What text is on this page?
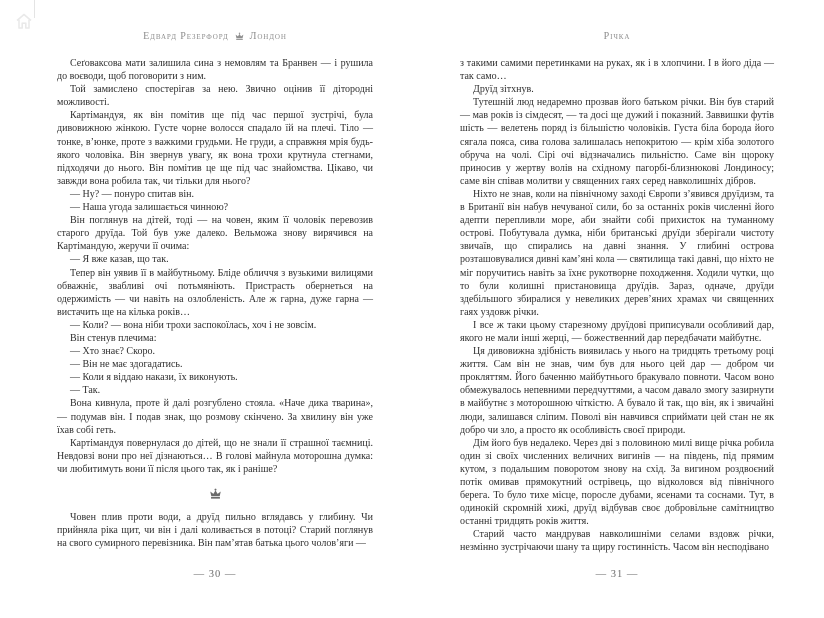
Едвард Резерфорд Лондон

Сеґоваксова мати залишила сина з немовлям та Бранвен — і рушила до воєводи, щоб поговорити з ним.

Той замислено спостерігав за нею. Звично оцінив її дітородні можливості.

Картімандуя, як він помітив ще під час першої зустрічі, була дивовижною жінкою. Густе чорне волосся спадало їй на плечі. Тіло — тонке, в’юнке, проте з важкими грудьми. Не груди, а справжня мрія будь-якого чоловіка. Він звернув увагу, як вона трохи крутнула стегнами, підходячи до нього. Він помітив це ще під час знайомства. Цікаво, чи завжди вона робила так, чи тільки для нього?

— Ну? — понуро спитав він.

— Наша угода залишається чинною?

Він поглянув на дітей, тоді — на човен, яким її чоловік перевозив старого друїда. Той був уже далеко. Вельможа знову вирячився на Картімандую, жеручи її очима:

— Я вже казав, що так.

Тепер він уявив її в майбутньому. Бліде обличчя з вузькими вилицями обважніє, звабливі очі потьмяніють. Пристрасть обернеться на одержимість — чи навіть на озлобленість. Але ж гарна, дуже гарна — вистачить ще на кілька років…

— Коли? — вона ніби трохи заспокоїлась, хоч і не зовсім.

Він стенув плечима:

— Хто знає? Скоро.

— Він не має здогадатись.

— Коли я віддаю накази, їх виконують.

— Так.

Вона кивнула, проте й далі розгублено стояла. «Наче дика тварина», — подумав він. І подав знак, що розмову скінчено. За хвилину він уже їхав собі геть.

Картімандуя повернулася до дітей, що не знали її страшної таємниці. Невдовзі вони про неї дізнаються… В голові майнула моторошна думка: чи любитимуть вони її після цього так, як і раніше?

Човен плив проти води, а друїд пильно вглядавсь у глибину. Чи прийняла ріка щит, чи він і далі коливається в потоці? Старий поглянув на свого сумирного перевізника. Він пам’ятав батька цього чолов’яги —

— 30 —
Річка

з такими самими перетинками на руках, як і в хлопчини. І в його діда — так само…

Друїд зітхнув.

Тутешній люд недаремно прозвав його батьком річки. Він був старий — мав років із сімдесят, — та досі ще дужий і показний. Заввишки футів шість — велетень поряд із більшістю чоловіків. Густа біла борода його сягала пояса, сива голова залишалась непокритою — крім хіба золотого обруча на чолі. Сірі очі відзначались пильністю. Саме він щороку приносив у жертву волів на східному пагорбі-близнюкові Лондиносу; саме він співав молитви у священних гаях серед навколишніх дібров.

Ніхто не знав, коли на північному заході Європи з’явився друїдизм, та в Британії він набув нечуваної сили, бо за останніх років численні його адепти перепливли море, аби знайти собі прихисток на туманному острові. Побутувала думка, ніби британські друїди зберігали чистоту звичаїв, що спирались на давні знання. У глибині острова розташовувалися дивні кам’яні кола — святилища такі давні, що ніхто не міг поручитись навіть за їхнє рукотворне походження. Ходили чутки, що то були колишні пристановища друїдів. Зараз, одначе, друїди здебільшого збиралися у невеликих дерев’яних храмах чи священних гаях уздовж річки.

І все ж таки цьому старезному друїдові приписували особливий дар, якого не мали інші жерці, — божественний дар передбачати майбутнє.

Ця дивовижна здібність виявилась у нього на тридцять третьому році життя. Сам він не знав, чим був для нього цей дар — добром чи прокляттям. Його баченню майбутнього бракувало повноти. Часом воно обмежувалось непевними передчуттями, а часом давало змогу зазирнути в майбутнє з моторошною чіткістю. А бувало й так, що він, як і звичайні люди, залишався сліпим. Поволі він навчився сприймати цей стан не як добро чи зло, а просто як особливість своєї природи.

Дім його був недалеко. Через дві з половиною милі вище річка робила один зі своїх численних величних вигинів — на південь, під прямим кутом, з подальшим поворотом знову на схід. За вигином роздвоєний потік омивав прямокутний острівець, що відколовся від північного берега. То було тихе місце, поросле дубами, ясенами та соснами. Тут, в одинокій скромній хижі, друїд відбував своє добровільне самітництво останні тридцять років життя.

Старий часто мандрував навколишніми селами вздовж річки, незмінно зустрічаючи шану та щиру гостинність. Часом він несподівано

— 31 —
